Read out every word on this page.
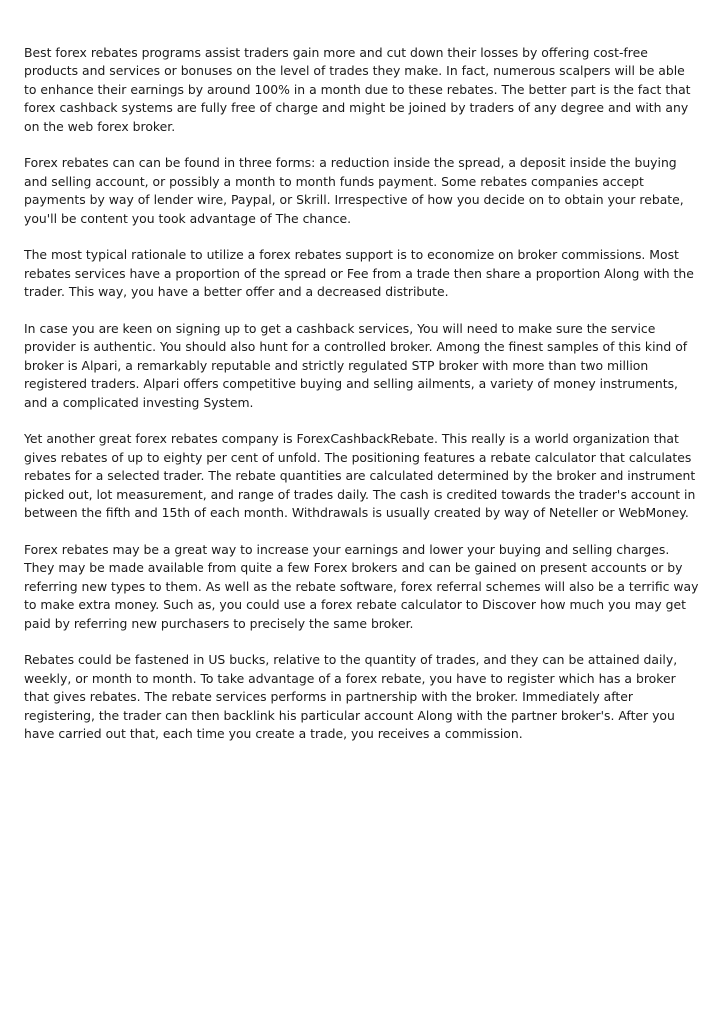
Best forex rebates programs assist traders gain more and cut down their losses by offering cost-free products and services or bonuses on the level of trades they make. In fact, numerous scalpers will be able to enhance their earnings by around 100% in a month due to these rebates. The better part is the fact that forex cashback systems are fully free of charge and might be joined by traders of any degree and with any on the web forex broker.

Forex rebates can can be found in three forms: a reduction inside the spread, a deposit inside the buying and selling account, or possibly a month to month funds payment. Some rebates companies accept payments by way of lender wire, Paypal, or Skrill. Irrespective of how you decide on to obtain your rebate, you'll be content you took advantage of The chance.

The most typical rationale to utilize a forex rebates support is to economize on broker commissions. Most rebates services have a proportion of the spread or Fee from a trade then share a proportion Along with the trader. This way, you have a better offer and a decreased distribute.

In case you are keen on signing up to get a cashback services, You will need to make sure the service provider is authentic. You should also hunt for a controlled broker. Among the finest samples of this kind of broker is Alpari, a remarkably reputable and strictly regulated STP broker with more than two million registered traders. Alpari offers competitive buying and selling ailments, a variety of money instruments, and a complicated investing System.

Yet another great forex rebates company is ForexCashbackRebate. This really is a world organization that gives rebates of up to eighty per cent of unfold. The positioning features a rebate calculator that calculates rebates for a selected trader. The rebate quantities are calculated determined by the broker and instrument picked out, lot measurement, and range of trades daily. The cash is credited towards the trader's account in between the fifth and 15th of each month. Withdrawals is usually created by way of Neteller or WebMoney.

Forex rebates may be a great way to increase your earnings and lower your buying and selling charges. They may be made available from quite a few Forex brokers and can be gained on present accounts or by referring new types to them. As well as the rebate software, forex referral schemes will also be a terrific way to make extra money. Such as, you could use a forex rebate calculator to Discover how much you may get paid by referring new purchasers to precisely the same broker.

Rebates could be fastened in US bucks, relative to the quantity of trades, and they can be attained daily, weekly, or month to month. To take advantage of a forex rebate, you have to register which has a broker that gives rebates. The rebate services performs in partnership with the broker. Immediately after registering, the trader can then backlink his particular account Along with the partner broker's. After you have carried out that, each time you create a trade, you receives a commission.
